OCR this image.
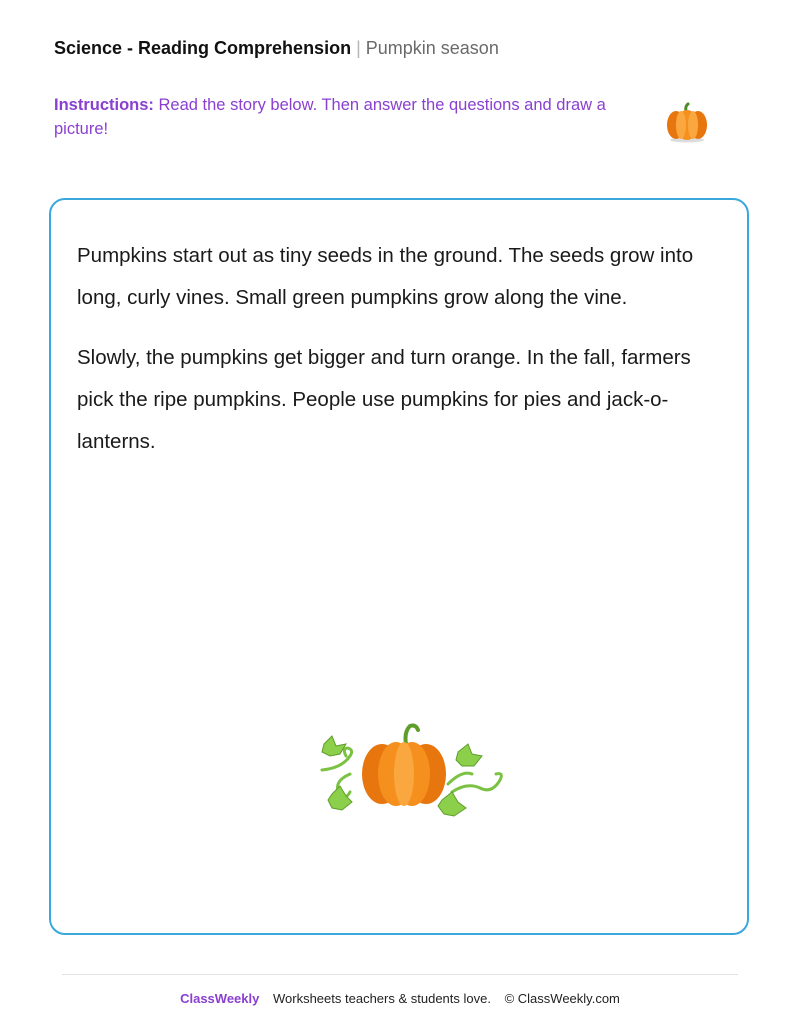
Science - Reading Comprehension | Pumpkin season
Instructions: Read the story below. Then answer the questions and draw a picture!

Pumpkins start out as tiny seeds in the ground. The seeds grow into long, curly vines. Small green pumpkins grow along the vine.

Slowly, the pumpkins get bigger and turn orange. In the fall, farmers pick the ripe pumpkins. People use pumpkins for pies and jack-o-lanterns.

ClassWeekly Worksheets teachers & students love. © ClassWeekly.com
